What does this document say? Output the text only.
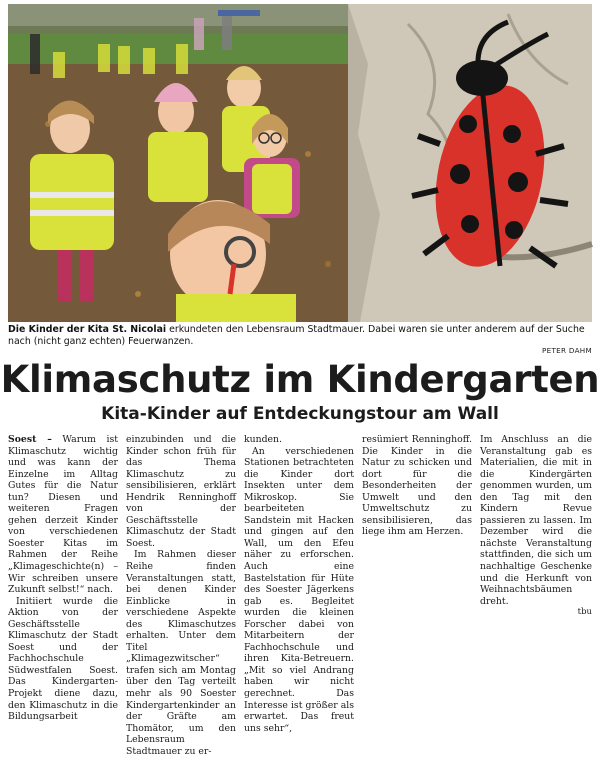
Die Kinder der Kita St. Nicolai erkundeten den Lebensraum Stadtmauer. Dabei waren sie unter anderem auf der Suche nach (nicht ganz echten) Feuerwanzen.
PETER DAHM
Klimaschutz im Kindergarten
Kita-Kinder auf Entdeckungstour am Wall

Soest – Warum ist Klimaschutz wichtig und was kann der Einzelne im Alltag Gutes für die Natur tun? Diesen und weiteren Fragen gehen derzeit Kinder von verschiedenen Soester Kitas im Rahmen der Reihe „Klimageschichte(n) – Wir schreiben unsere Zukunft selbst!“ nach.

Initiiert wurde die Aktion von der Geschäftsstelle Klimaschutz der Stadt Soest und der Fachhochschule Südwestfalen Soest. Das Kindergarten-Projekt diene dazu, den Klimaschutz in die Bildungsarbeit

einzubinden und die Kinder schon früh für das Thema Klimaschutz zu sensibilisieren, erklärt Hendrik Renninghoff von der Geschäftsstelle Klimaschutz der Stadt Soest.

Im Rahmen dieser Reihe finden Veranstaltungen statt, bei denen Kinder Einblicke in verschiedene Aspekte des Klimaschutzes erhalten. Unter dem Titel „Klimagezwitscher“ trafen sich am Montag über den Tag verteilt mehr als 90 Soester Kindergartenkinder an der Gräfte am Thomätor, um den Lebensraum Stadtmauer zu er-

kunden.

An verschiedenen Stationen betrachteten die Kinder dort Insekten unter dem Mikroskop. Sie bearbeiteten Sandstein mit Hacken und gingen auf den Wall, um den Efeu näher zu erforschen. Auch eine Bastelstation für Hüte des Soester Jägerkens gab es. Begleitet wurden die kleinen Forscher dabei von Mitarbeitern der Fachhochschule und ihren Kita-Betreuern. „Mit so viel Andrang haben wir nicht gerechnet. Das Interesse ist größer als erwartet. Das freut uns sehr“,

resümiert Renninghoff. Die Kinder in die Natur zu schicken und dort für die Besonderheiten der Umwelt und den Umweltschutz zu sensibilisieren, das liege ihm am Herzen.

Im Anschluss an die Veranstaltung gab es Materialien, die mit in die Kindergärten genommen wurden, um den Tag mit den Kindern Revue passieren zu lassen. Im Dezember wird die nächste Veranstaltung stattfinden, die sich um nachhaltige Geschenke und die Herkunft von Weihnachtsbäumen dreht.

tbu
